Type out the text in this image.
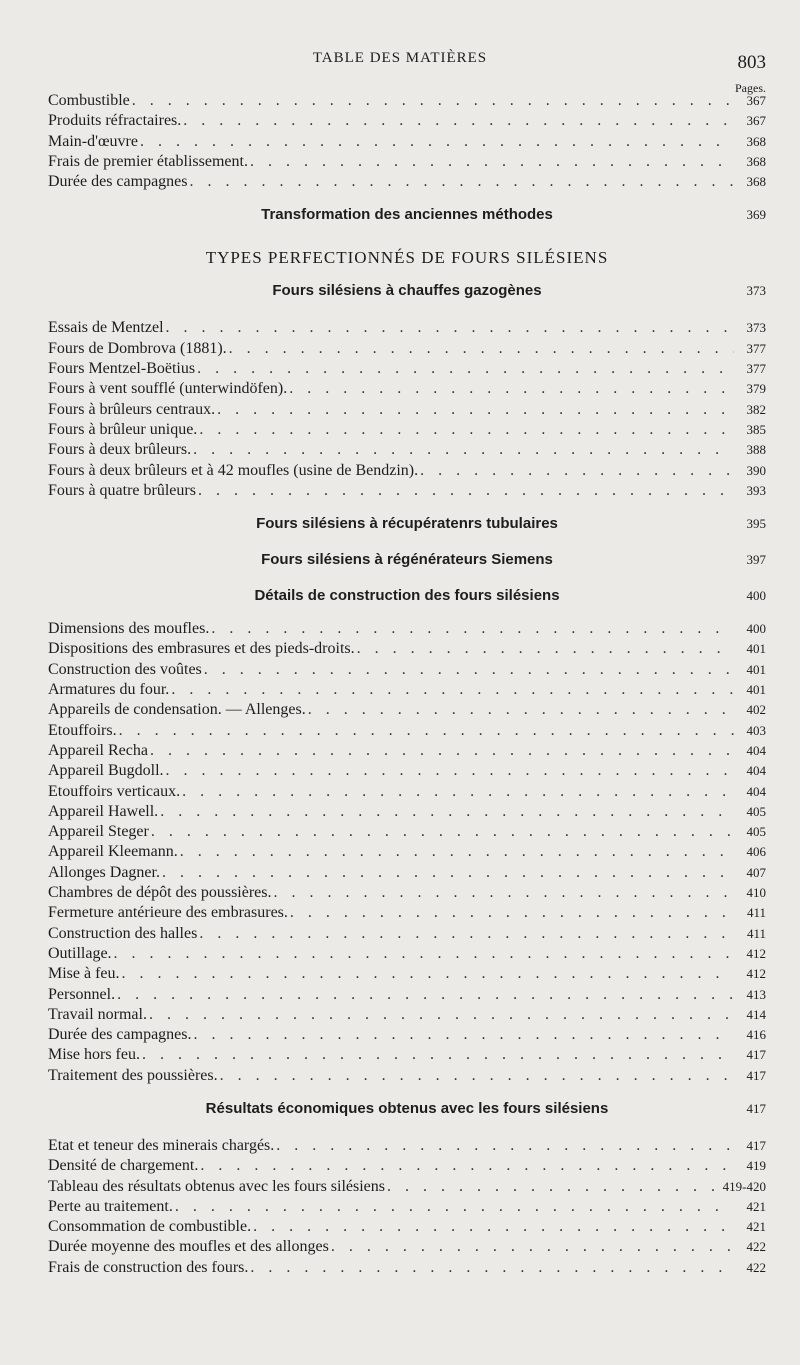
TABLE DES MATIÈRES	803
Pages.
Combustible . . .	367
Produits réfractaires. . . .	367
Main-d'œuvre . . .	368
Frais de premier établissement. . . .	368
Durée des campagnes . . .	368
Transformation des anciennes méthodes	369
TYPES PERFECTIONNÉS DE FOURS SILÉSIENS
Fours silésiens à chauffes gazogènes	373
Essais de Mentzel . . .	373
Fours de Dombrova (1881). . . .	377
Fours Mentzel-Boëtius . . .	377
Fours à vent soufflé (unterwindöfen). . . .	379
Fours à brûleurs centraux. . . .	382
Fours à brûleur unique. . . .	385
Fours à deux brûleurs. . . .	388
Fours à deux brûleurs et à 42 moufles (usine de Bendzin). . . .	390
Fours à quatre brûleurs . . .	393
Fours silésiens à récupératenrs tubulaires	395
Fours silésiens à régénérateurs Siemens	397
Détails de construction des fours silésiens	400
Dimensions des moufles. . . .	400
Dispositions des embrasures et des pieds-droits. . . .	401
Construction des voûtes . . .	401
Armatures du four. . . .	401
Appareils de condensation. — Allenges. . . .	402
Etouffoirs. . . .	403
Appareil Recha . . .	404
Appareil Bugdoll. . . .	404
Etouffoirs verticaux. . . .	404
Appareil Hawell. . . .	405
Appareil Steger . . .	405
Appareil Kleemann. . . .	406
Allonges Dagner. . . .	407
Chambres de dépôt des poussières. . . .	410
Fermeture antérieure des embrasures. . . .	411
Construction des halles . . .	411
Outillage. . . .	412
Mise à feu. . . .	412
Personnel. . . .	413
Travail normal. . . .	414
Durée des campagnes. . . .	416
Mise hors feu. . . .	417
Traitement des poussières. . . .	417
Résultats économiques obtenus avec les fours silésiens	417
Etat et teneur des minerais chargés. . . .	417
Densité de chargement. . . .	419
Tableau des résultats obtenus avec les fours silésiens . . .	419-420
Perte au traitement. . . .	421
Consommation de combustible. . . .	421
Durée moyenne des moufles et des allonges . . .	422
Frais de construction des fours. . . .	422
